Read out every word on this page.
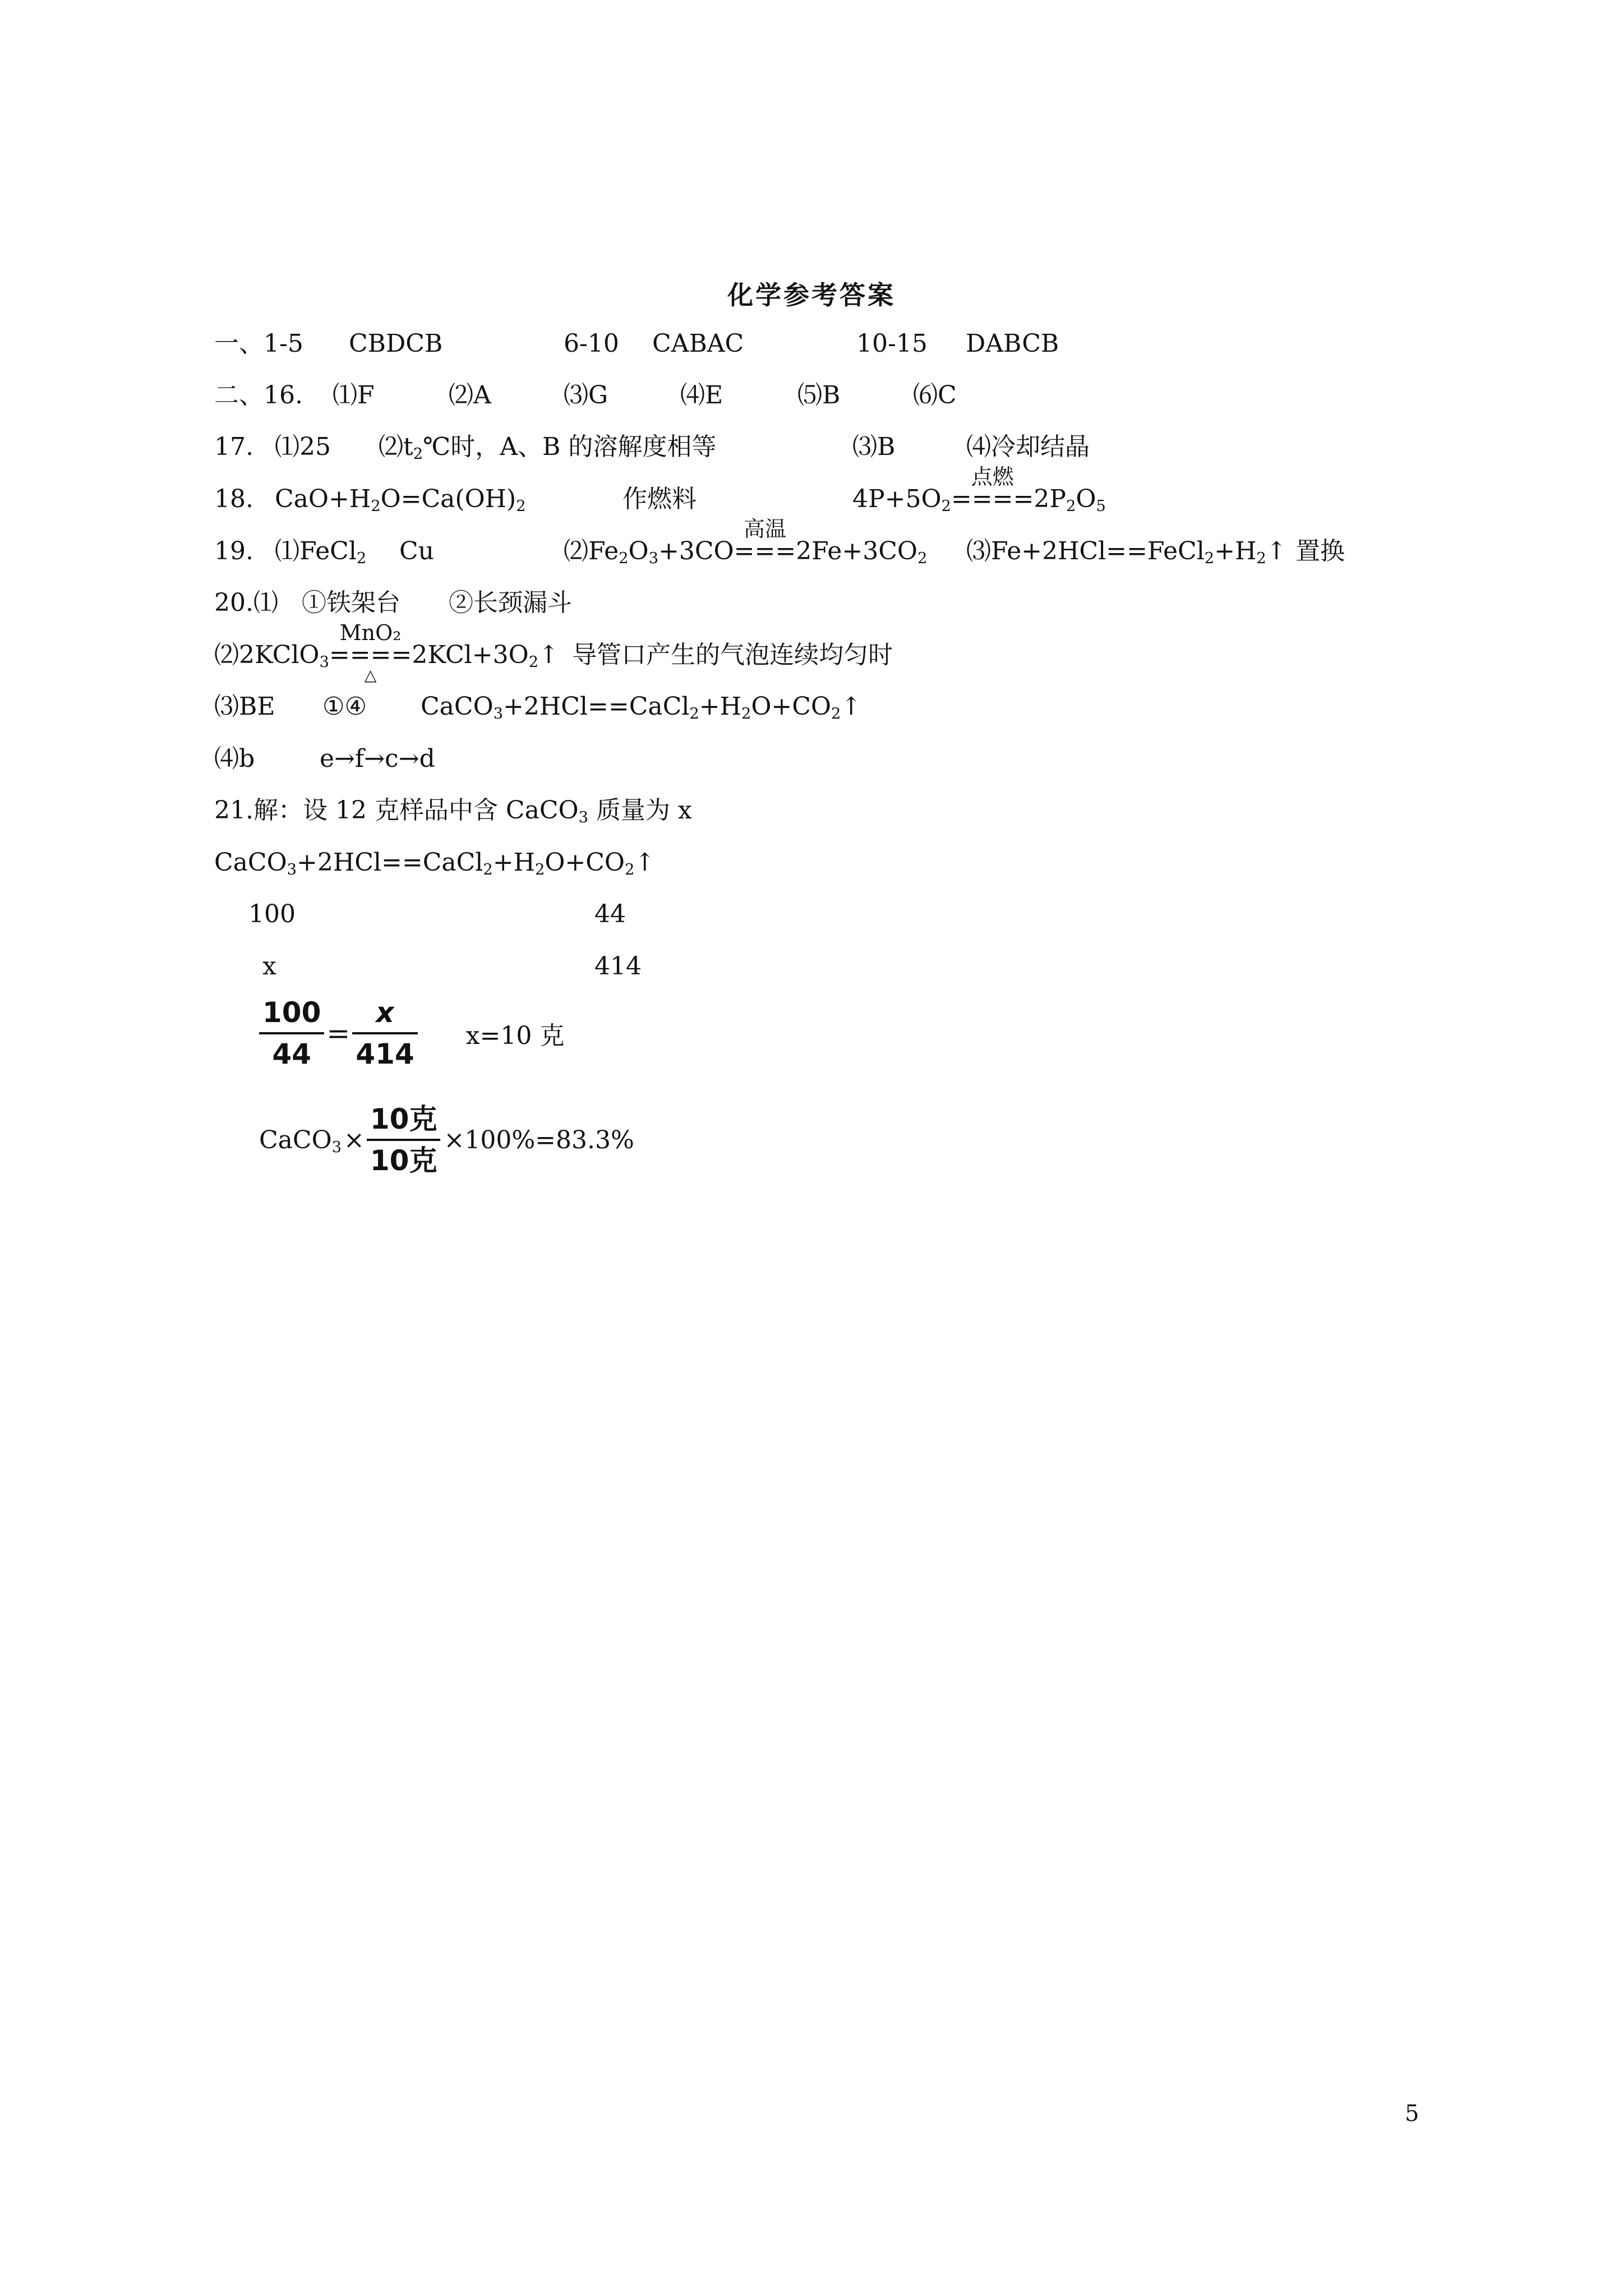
化学参考答案
一、1-5 CBDCB	6-10 CABAC	10-15 DABCB
二、16. ⑴F	⑵A	⑶G	⑷E	⑸B	⑹C
17. ⑴25 $⑵t_2℃$时，A、B 的溶解度相等	⑶B	⑷冷却结晶
18. $CaO+H_2O=Ca(OH)_2$	作燃料	$4P+5O_2$
点燃
$====2P_2O_5$
19. ⑴FeCl$_2$ Cu	$⑵Fe_2O_3+3CO$
高温
$===2Fe+3CO_2$ $⑶Fe+2HCl==FeCl_2+H_2↑$ 置换
20.⑴ ①铁架台 ②长颈漏斗
⑵2KClO$_3$
MnO₂
====
△
$2KCl+3O_2↑$ 导管口产生的气泡连续均匀时
⑶BE ①④ $CaCO_3+2HCl==CaCl_2+H_2O+CO_2↑$
⑷b	e→f→c→d
21.解：设 12 克样品中含 CaCO$_3$ 质量为 x
$CaCO_3+2HCl==CaCl_2+H_2O+CO_2↑$
100	44
x	414
$\frac{100}{44} = \frac{x}{414} x=10$ 克
CaCO$_3$ × $\frac{\text{10克}}{\text{10克}} \times 100\%=83.3\%$
5
